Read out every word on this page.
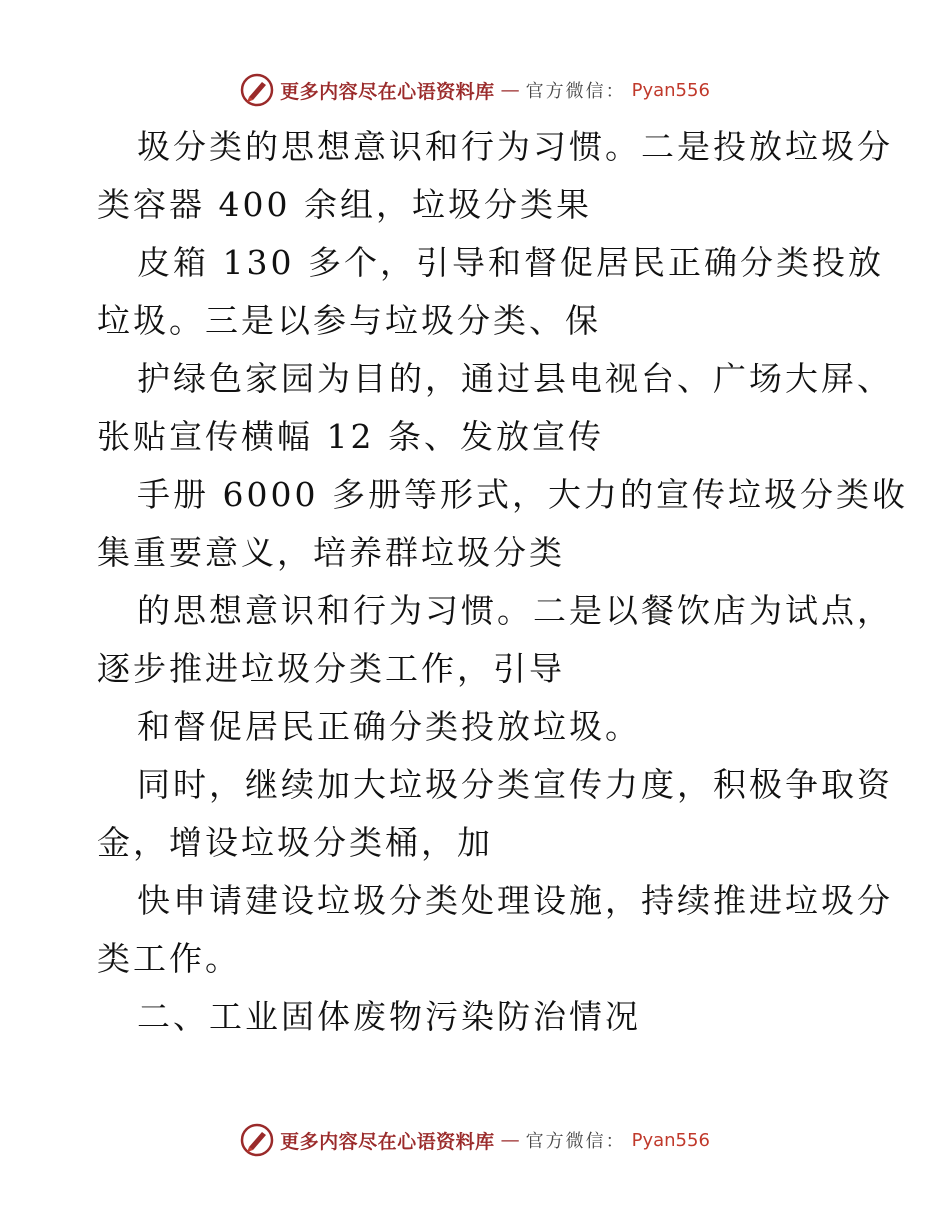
更多内容尽在心语资料库 — 官方微信： Pyan556

圾分类的思想意识和行为习惯。二是投放垃圾分
类容器 400 余组，垃圾分类果

皮箱 130 多个，引导和督促居民正确分类投放
垃圾。三是以参与垃圾分类、保

护绿色家园为目的，通过县电视台、广场大屏、
张贴宣传横幅 12 条、发放宣传

手册 6000 多册等形式，大力的宣传垃圾分类收
集重要意义，培养群垃圾分类

的思想意识和行为习惯。二是以餐饮店为试点，
逐步推进垃圾分类工作，引导

和督促居民正确分类投放垃圾。

同时，继续加大垃圾分类宣传力度，积极争取资
金，增设垃圾分类桶，加

快申请建设垃圾分类处理设施，持续推进垃圾分
类工作。

二、工业固体废物污染防治情况

更多内容尽在心语资料库 — 官方微信： Pyan556
